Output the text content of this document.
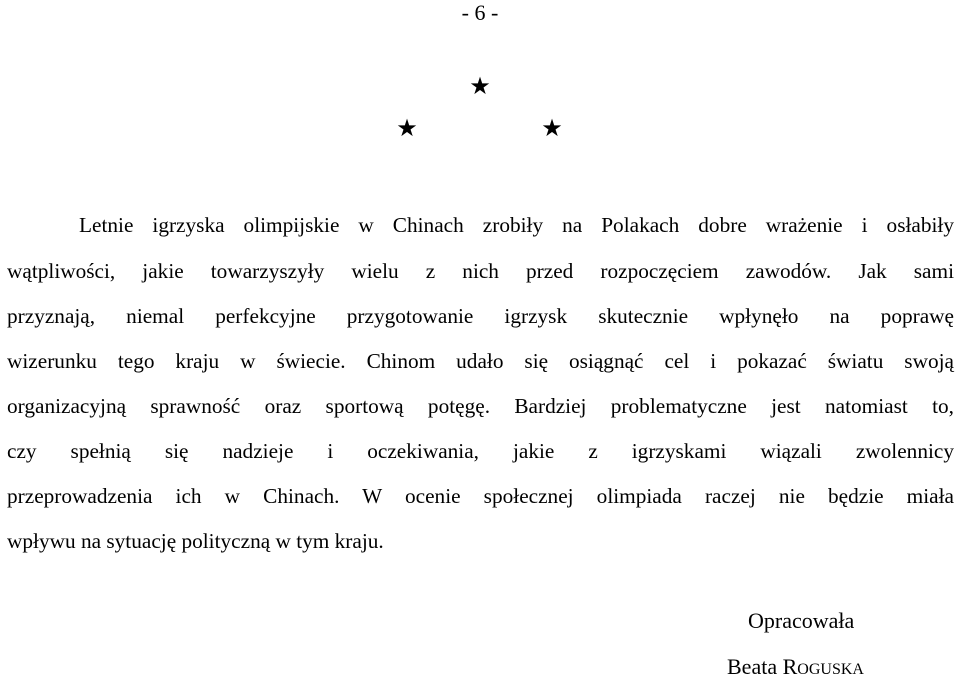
- 6 -
★
★	★
Letnie igrzyska olimpijskie w Chinach zrobiły na Polakach dobre wrażenie i osłabiły
wątpliwości, jakie towarzyszyły wielu z nich przed rozpoczęciem zawodów. Jak sami
przyznają, niemal perfekcyjne przygotowanie igrzysk skutecznie wpłynęło na poprawę
wizerunku tego kraju w świecie. Chinom udało się osiągnąć cel i pokazać światu swoją
organizacyjną sprawność oraz sportową potęgę. Bardziej problematyczne jest natomiast to,
czy spełnią się nadzieje i oczekiwania, jakie z igrzyskami wiązali zwolennicy
przeprowadzenia ich w Chinach. W ocenie społecznej olimpiada raczej nie będzie miała
wpływu na sytuację polityczną w tym kraju.
Opracowała
Beata ROGUSKA
